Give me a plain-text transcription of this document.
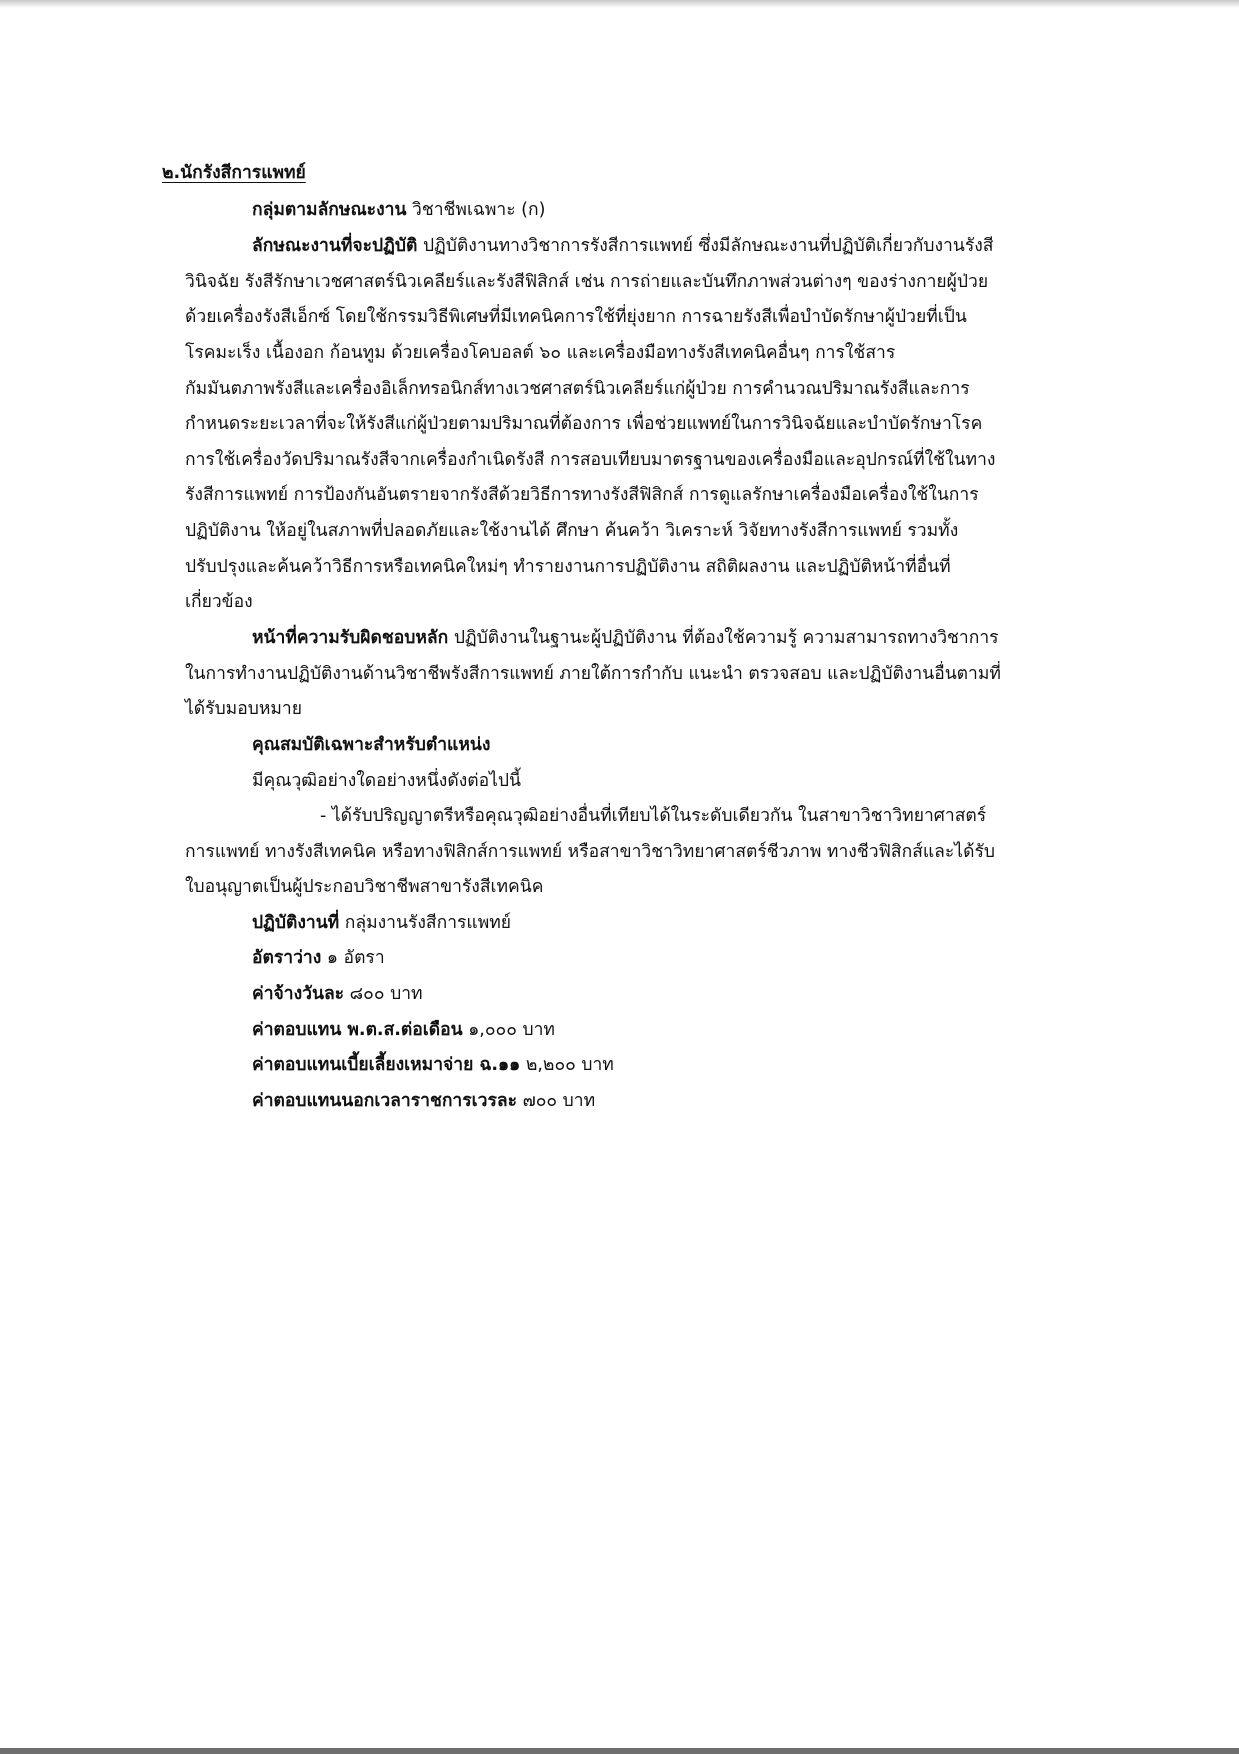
๒.นักรังสีการแพทย์
กลุ่มตามลักษณะงาน วิชาชีพเฉพาะ (ก)
ลักษณะงานที่จะปฏิบัติ ปฏิบัติงานทางวิชาการรังสีการแพทย์ ซึ่งมีลักษณะงานที่ปฏิบัติเกี่ยวกับงานรังสี
วินิจฉัย รังสีรักษาเวชศาสตร์นิวเคลียร์และรังสีฟิสิกส์ เช่น การถ่ายและบันทึกภาพส่วนต่างๆ ของร่างกายผู้ป่วย
ด้วยเครื่องรังสีเอ็กซ์ โดยใช้กรรมวิธีพิเศษที่มีเทคนิคการใช้ที่ยุ่งยาก การฉายรังสีเพื่อบำบัดรักษาผู้ป่วยที่เป็น
โรคมะเร็ง เนื้องอก ก้อนทูม ด้วยเครื่องโคบอลต์ ๖๐ และเครื่องมือทางรังสีเทคนิคอื่นๆ การใช้สาร
กัมมันตภาพรังสีและเครื่องอิเล็กทรอนิกส์ทางเวชศาสตร์นิวเคลียร์แก่ผู้ป่วย การคำนวณปริมาณรังสีและการ
กำหนดระยะเวลาที่จะให้รังสีแก่ผู้ป่วยตามปริมาณที่ต้องการ เพื่อช่วยแพทย์ในการวินิจฉัยและบำบัดรักษาโรค
การใช้เครื่องวัดปริมาณรังสีจากเครื่องกำเนิดรังสี การสอบเทียบมาตรฐานของเครื่องมือและอุปกรณ์ที่ใช้ในทาง
รังสีการแพทย์ การป้องกันอันตรายจากรังสีด้วยวิธีการทางรังสีฟิสิกส์ การดูแลรักษาเครื่องมือเครื่องใช้ในการ
ปฏิบัติงาน ให้อยู่ในสภาพที่ปลอดภัยและใช้งานได้ ศึกษา ค้นคว้า วิเคราะห์ วิจัยทางรังสีการแพทย์ รวมทั้ง
ปรับปรุงและค้นคว้าวิธีการหรือเทคนิคใหม่ๆ ทำรายงานการปฏิบัติงาน สถิติผลงาน และปฏิบัติหน้าที่อื่นที่
เกี่ยวข้อง
หน้าที่ความรับผิดชอบหลัก ปฏิบัติงานในฐานะผู้ปฏิบัติงาน ที่ต้องใช้ความรู้ ความสามารถทางวิชาการ
ในการทำงานปฏิบัติงานด้านวิชาชีพรังสีการแพทย์ ภายใต้การกำกับ แนะนำ ตรวจสอบ และปฏิบัติงานอื่นตามที่
ได้รับมอบหมาย
คุณสมบัติเฉพาะสำหรับตำแหน่ง
มีคุณวุฒิอย่างใดอย่างหนึ่งดังต่อไปนี้
- ได้รับปริญญาตรีหรือคุณวุฒิอย่างอื่นที่เทียบได้ในระดับเดียวกัน ในสาขาวิชาวิทยาศาสตร์
การแพทย์ ทางรังสีเทคนิค หรือทางฟิสิกส์การแพทย์ หรือสาขาวิชาวิทยาศาสตร์ชีวภาพ ทางชีวฟิสิกส์และได้รับ
ใบอนุญาตเป็นผู้ประกอบวิชาชีพสาขารังสีเทคนิค
ปฏิบัติงานที่ กลุ่มงานรังสีการแพทย์
อัตราว่าง ๑ อัตรา
ค่าจ้างวันละ ๘๐๐ บาท
ค่าตอบแทน พ.ต.ส.ต่อเดือน ๑,๐๐๐ บาท
ค่าตอบแทนเบี้ยเลี้ยงเหมาจ่าย ฉ.๑๑ ๒,๒๐๐ บาท
ค่าตอบแทนนอกเวลาราชการเวรละ ๗๐๐ บาท
